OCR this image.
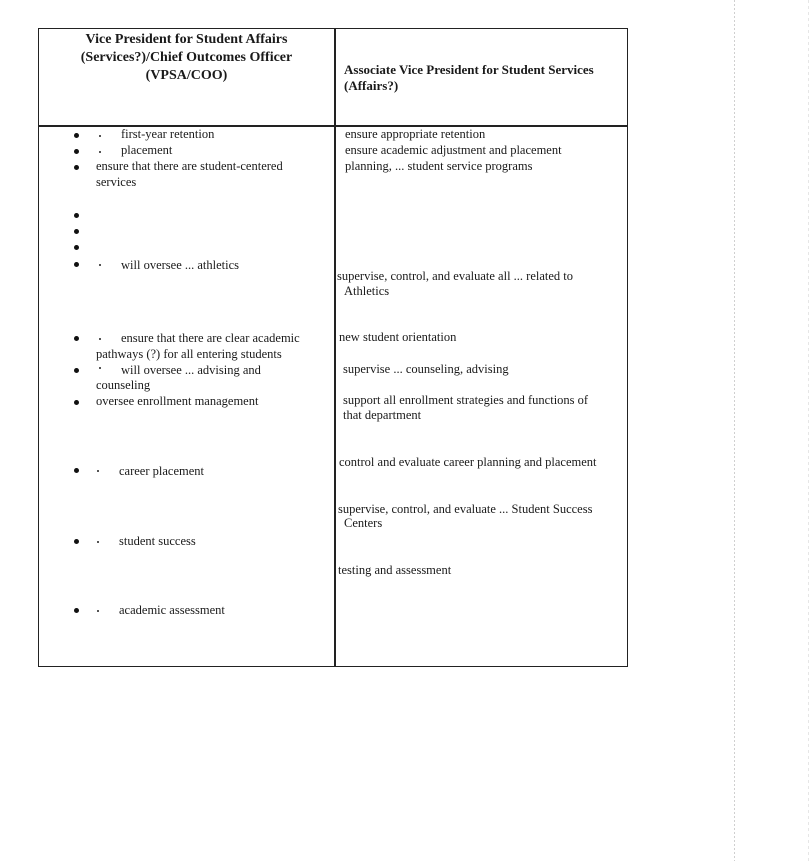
Vice President for Student Affairs
(Services?)/Chief Outcomes Officer
(VPSA/COO)	Associate Vice President for Student Services
(Affairs?)
first-year retention
placement
ensure that there are student-centered
services
will oversee ... athletics
ensure that there are clear academic
pathways (?) for all entering students
will oversee ... advising and
counseling
oversee enrollment management
career placement
student success
academic assessment
ensure appropriate retention
ensure academic adjustment and placement
planning, ... student service programs
supervise, control, and evaluate all ... related to
Athletics
new student orientation
supervise ... counseling, advising
support all enrollment strategies and functions of
that department
control and evaluate career planning and placement
supervise, control, and evaluate ... Student Success
Centers
testing and assessment
